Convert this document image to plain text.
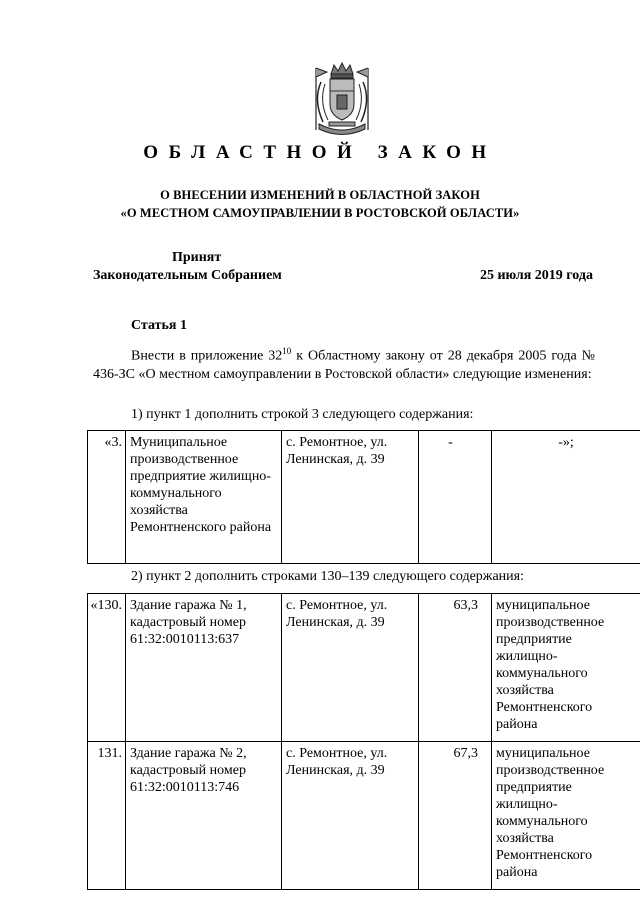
ОБЛАСТНОЙ ЗАКОН
О ВНЕСЕНИИ ИЗМЕНЕНИЙ В ОБЛАСТНОЙ ЗАКОН
«О МЕСТНОМ САМОУПРАВЛЕНИИ В РОСТОВСКОЙ ОБЛАСТИ»
Принят
Законодательным Собранием	25 июля 2019 года
Статья 1
Внести в приложение $32^{10}$ к Областному закону от 28 декабря 2005 года № 436-ЗС «О местном самоуправлении в Ростовской области» следующие изменения:
1) пункт 1 дополнить строкой 3 следующего содержания:
«3.	Муниципальное производственное предприятие жилищно-коммунального хозяйства Ремонтненского района	с. Ремонтное, ул. Ленинская, д. 39	-	-»;
2) пункт 2 дополнить строками 130–139 следующего содержания:
«130.	Здание гаража № 1, кадастровый номер 61:32:0010113:637	с. Ремонтное, ул. Ленинская, д. 39	63,3	муниципальное производственное предприятие жилищно-коммунального хозяйства Ремонтненского района
131.	Здание гаража № 2, кадастровый номер 61:32:0010113:746	с. Ремонтное, ул. Ленинская, д. 39	67,3	муниципальное производственное предприятие жилищно-коммунального хозяйства Ремонтненского района
